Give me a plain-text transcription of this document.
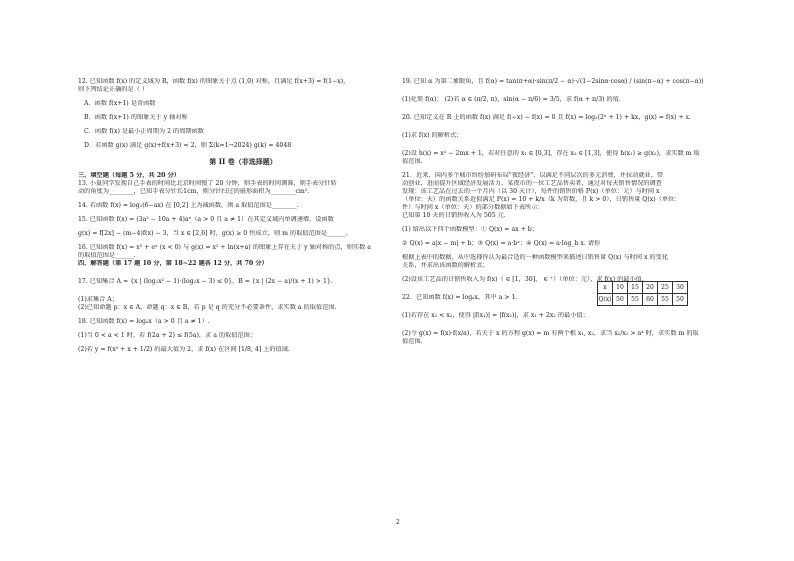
12. 已知函数 f(x) 的定义域为 R，函数 f(x) 的图象关于点 (1,0) 对称，且满足 f(x+3) = f(1−x)，
则下列结论正确的是（ ）
A．函数 f(x+1) 是奇函数
B．函数 f(x+1) 的图象关于 y 轴对称
C．函数 f(x) 是最小正周期为 2 的周期函数
D．若函数 g(x) 满足 g(x)+f(x+3) = 2，则 Σ(k=1→2024) g(k) = 4048
第 II 卷（非选择题）
三、填空题（每题 5 分，共 20 分）
13. 小夏同学发现自己手表的时间比北京时间慢了 20 分钟，则手表的时间调准，则手表分针转
动的角度为________，已知手表分针长1cm，则分针扫过的扇形面积为________cm².
14. 若函数 f(x) = log₂(6−ax) 在 [0,2] 上为减函数，则 a 取值范围是________.
15. 已知函数 f(x) = (3a² − 10a + 4)aˣ（a > 0 且 a ≠ 1）在其定义域内单调递增，设函数
g(x) = f[2x] − (m−4)f(x) − 3，当 x ∈ [2,6] 时，g(x) ≥ 0 恒成立，则 m 的取值范围是______.
16. 已知函数 f(x) = x² + eˣ (x < 0) 与 g(x) = x² + ln(x+a) 的图象上存在关于 y 轴对称的点，则实数 a
的取值范围是______.
四、解答题（第 17 题 10 分，第 18~22 题各 12 分，共 70 分）
17. 已知集合 A = {x | (log₂x² − 1)·(log₂x − 3) ≤ 0}，B = {x | (2x − a)/(x + 1) > 1}.
(1)求集合 A；
(2)已知命题 p：x ∈ A，命题 q：x ∈ B，若 p 是 q 的充分不必要条件，求实数 a 的取值范围.
18. 已知函数 f(x) = logₐx（a > 0 且 a ≠ 1）.
(1)当 0 < a < 1 时，若 f(2a + 2) ≤ f(5a)，求 a 的取值范围；
(2)若 y = f(x² + x + 1/2) 的最大值为 2，求 f(x) 在区间 [1/8, 4] 上的值域.
19. 已知 α 为第二象限角，且 f(α) = tan(π+α)·sin(π/2 − α)·√(1−2sinα·cosα) / (sin(π−α) + cos(π−α))
(1)化简 f(α)； (2)若 α ∈ (π/2, π)，sin(α − π/6) = 3/5，求 f(α + π/3) 的值.
20. 已知定义在 R 上的函数 f(x) 满足 f(−x) − f(x) = 0 且 f(x) = log₂(2ˣ + 1) + kx，g(x) = f(x) + x.
(1)求 f(x) 的解析式；
(2)设 h(x) = x² − 2mx + 1，若对任意的 x₁ ∈ [0,3]，存在 x₂ ∈ [1,3]，使得 h(x₁) ≥ g(x₂)，求实数 m 取
值范围.
21．近来，国内多个城市纷纷加码布局"夜经济"，以满足不同层次的多元消费，并拉动就业、带
动创业，进而提升区域经济发展活力，某夜市的一位工艺品售卖者，通过对每天销售情况的调查
发现：该工艺品在过去的一个月内（以 30 天计），每件的销售价格 P(x)（单位：元）与时间 x
（单位：天）的函数关系近似满足 P(x) = 10 + k/x（k 为常数，且 k > 0），日销售量 Q(x)（单位：
件）与时间 x（单位：天）的部分数据如下表所示：
已知第 10 天的日销售收入为 505 元.
(1) 给出以下四个函数模型：① Q(x) = ax + b；
② Q(x) = a|x − m| + b；③ Q(x) = a·bˣ；④ Q(x) = a·log_b x. 请你
根据上表中的数据，从中选择你认为最合适的一种函数模型来描述日销售量 Q(x) 与时间 x 的变化
关系，并求出该函数的解析式；
(2)设该工艺品的日销售收入为 f(x)（ ∈ [1，30]， ∈ ⁺）（单位：元），求 f(x) 的最小值.
22．已知函数 f(x) = logₐx，其中 a > 1.
(1)若存在 x₁ < x₂，使得 |f(x₁)| = |f(x₂)|，求 x₁ + 2x₂ 的最小值；
(2)令 g(x) = f(x)·f(x/a)，若关于 x 的方程 g(x) = m 有两个根 x₁, x₂，求当 x₂/x₁ > a⁴ 时，求实数 m 的取
值范围.
x	10	15	20	25	30
Q(x)	50	55	60	55	50
2
